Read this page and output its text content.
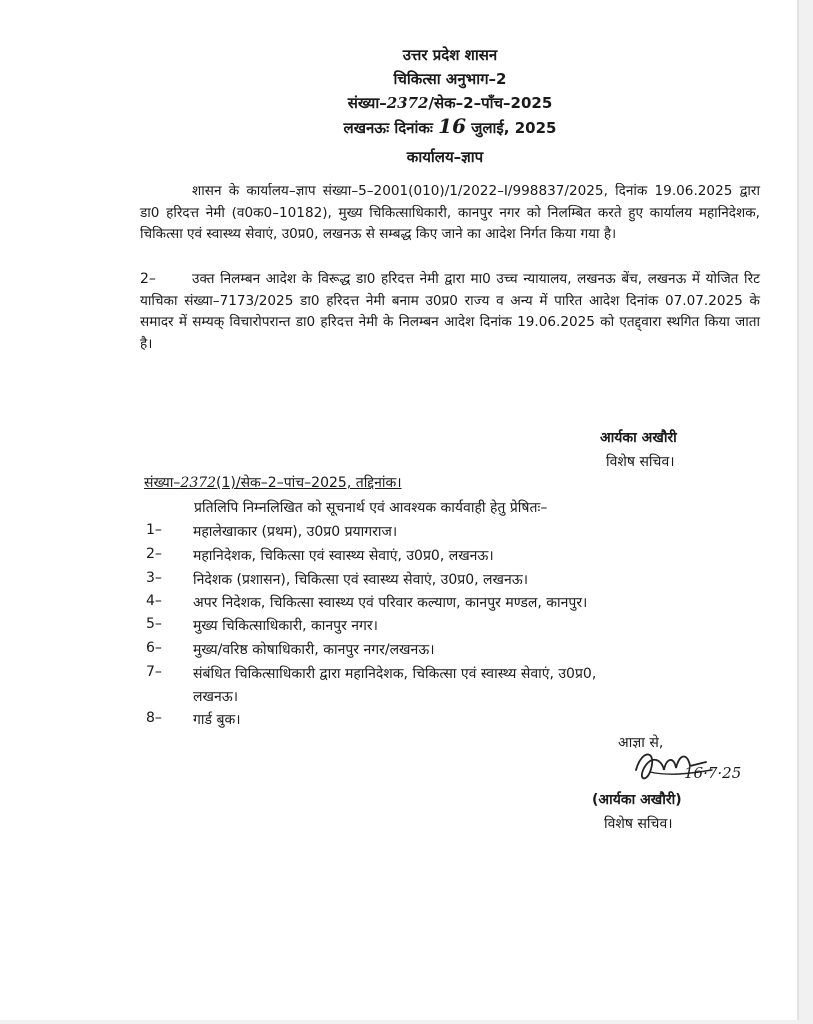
उत्तर प्रदेश शासन
चिकित्सा अनुभाग–2
संख्या–2372/सेक–2–पाँच–2025
लखनऊः दिनांकः 16 जुलाई, 2025
कार्यालय–ज्ञाप
शासन के कार्यालय–ज्ञाप संख्या–5–2001(010)/1/2022–I/998837/2025, दिनांक 19.06.2025 द्वारा डा0 हरिदत्त नेमी (व0क0–10182), मुख्य चिकित्साधिकारी, कानपुर नगर को निलम्बित करते हुए कार्यालय महानिदेशक, चिकित्सा एवं स्वास्थ्य सेवाएं, उ0प्र0, लखनऊ से सम्बद्ध किए जाने का आदेश निर्गत किया गया है।
2–	उक्त निलम्बन आदेश के विरूद्ध डा0 हरिदत्त नेमी द्वारा मा0 उच्च न्यायालय, लखनऊ बेंच, लखनऊ में योजित रिट याचिका संख्या–7173/2025 डा0 हरिदत्त नेमी बनाम उ0प्र0 राज्य व अन्य में पारित आदेश दिनांक 07.07.2025 के समादर में सम्यक् विचारोपरान्त डा0 हरिदत्त नेमी के निलम्बन आदेश दिनांक 19.06.2025 को एतद्द्वारा स्थगित किया जाता है।
आर्यका अखौरी
विशेष सचिव।
संख्या–2372(1)/सेक–2–पांच–2025, तद्दिनांक।
प्रतिलिपि निम्नलिखित को सूचनार्थ एवं आवश्यक कार्यवाही हेतु प्रेषितः–
1– महालेखाकार (प्रथम), उ0प्र0 प्रयागराज।
2– महानिदेशक, चिकित्सा एवं स्वास्थ्य सेवाएं, उ0प्र0, लखनऊ।
3– निदेशक (प्रशासन), चिकित्सा एवं स्वास्थ्य सेवाएं, उ0प्र0, लखनऊ।
4– अपर निदेशक, चिकित्सा स्वास्थ्य एवं परिवार कल्याण, कानपुर मण्डल, कानपुर।
5– मुख्य चिकित्साधिकारी, कानपुर नगर।
6– मुख्य/वरिष्ठ कोषाधिकारी, कानपुर नगर/लखनऊ।
7– संबंधित चिकित्साधिकारी द्वारा महानिदेशक, चिकित्सा एवं स्वास्थ्य सेवाएं, उ0प्र0,
लखनऊ।
8– गार्ड बुक।
आज्ञा से,
16·7·25
(आर्यका अखौरी)
विशेष सचिव।
